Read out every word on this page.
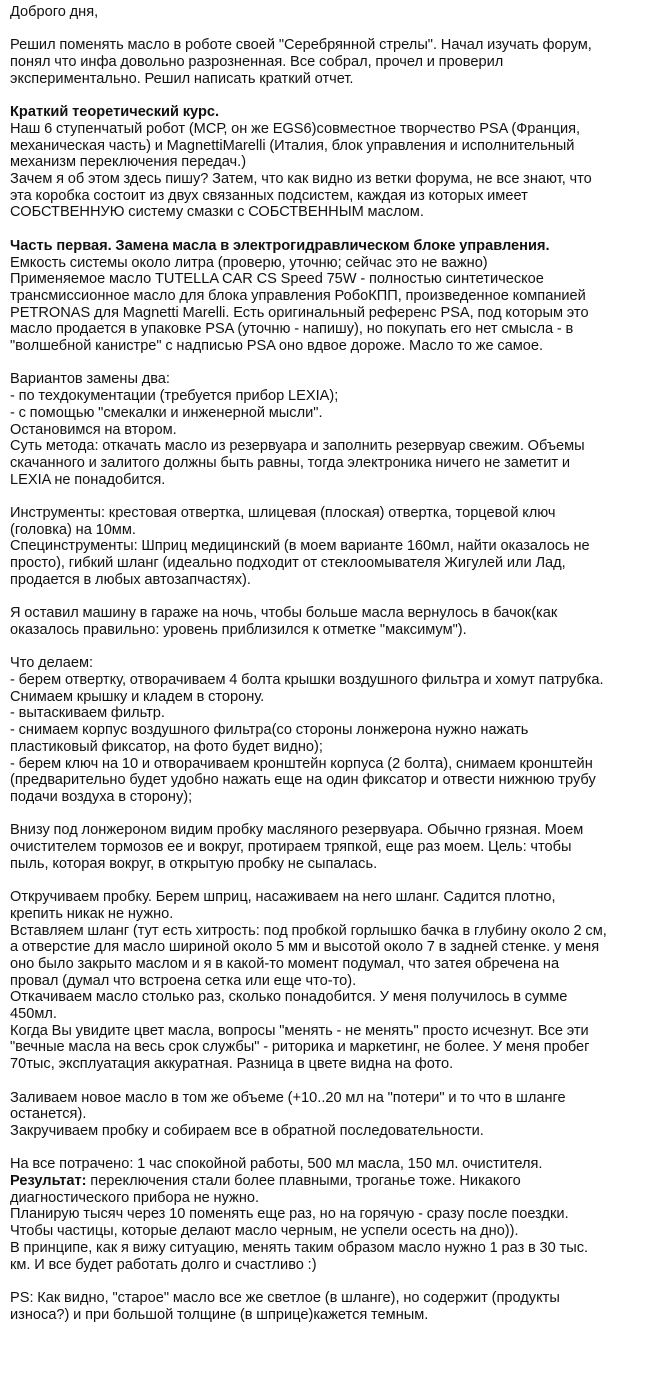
Доброго дня,
Решил поменять масло в роботе своей "Серебрянной стрелы". Начал изучать форум,
понял что инфа довольно разрозненная. Все собрал, прочел и проверил
экспериментально. Решил написать краткий отчет.
Краткий теоретический курс.
Наш 6 ступенчатый робот (МСР, он же EGS6)совместное творчество PSA (Франция,
механическая часть) и MagnettiMarelli (Италия, блок управления и исполнительный
механизм переключения передач.)
Зачем я об этом здесь пишу? Затем, что как видно из ветки форума, не все знают, что
эта коробка состоит из двух связанных подсистем, каждая из которых имеет
СОБСТВЕННУЮ систему смазки с СОБСТВЕННЫМ маслом.
Часть первая. Замена масла в электрогидравлическом блоке управления.
Емкость системы около литра (проверю, уточню; сейчас это не важно)
Применяемое масло TUTELLA CAR CS Speed 75W - полностью синтетическое
трансмиссионное масло для блока управления РобоКПП, произведенное компанией
PETRONAS для Magnetti Marelli. Есть оригинальный референс PSA, под которым это
масло продается в упаковке PSA (уточню - напишу), но покупать его нет смысла - в
"волшебной канистре" с надписью PSA оно вдвое дороже. Масло то же самое.
Вариантов замены два:
- по техдокументации (требуется прибор LEXIA);
- с помощью "смекалки и инженерной мысли".
Остановимся на втором.
Суть метода: откачать масло из резервуара и заполнить резервуар свежим. Объемы
скачанного и залитого должны быть равны, тогда электроника ничего не заметит и
LEXIA не понадобится.
Инструменты: крестовая отвертка, шлицевая (плоская) отвертка, торцевой ключ
(головка) на 10мм.
Специнструменты: Шприц медицинский (в моем варианте 160мл, найти оказалось не
просто), гибкий шланг (идеально подходит от стеклоомывателя Жигулей или Лад,
продается в любых автозапчастях).
Я оставил машину в гараже на ночь, чтобы больше масла вернулось в бачок(как
оказалось правильно: уровень приблизился к отметке "максимум").
Что делаем:
- берем отвертку, отворачиваем 4 болта крышки воздушного фильтра и хомут патрубка.
Снимаем крышку и кладем в сторону.
- вытаскиваем фильтр.
- снимаем корпус воздушного фильтра(со стороны лонжерона нужно нажать
пластиковый фиксатор, на фото будет видно);
- берем ключ на 10 и отворачиваем кронштейн корпуса (2 болта), снимаем кронштейн
(предварительно будет удобно нажать еще на один фиксатор и отвести нижнюю трубу
подачи воздуха в сторону);
Внизу под лонжероном видим пробку масляного резервуара. Обычно грязная. Моем
очистителем тормозов ее и вокруг, протираем тряпкой, еще раз моем. Цель: чтобы
пыль, которая вокруг, в открытую пробку не сыпалась.
Откручиваем пробку. Берем шприц, насаживаем на него шланг. Садится плотно,
крепить никак не нужно.
Вставляем шланг (тут есть хитрость: под пробкой горлышко бачка в глубину около 2 см,
а отверстие для масло шириной около 5 мм и высотой около 7 в задней стенке. у меня
оно было закрыто маслом и я в какой-то момент подумал, что затея обречена на
провал (думал что встроена сетка или еще что-то).
Откачиваем масло столько раз, сколько понадобится. У меня получилось в сумме
450мл.
Когда Вы увидите цвет масла, вопросы "менять - не менять" просто исчезнут. Все эти
"вечные масла на весь срок службы" - риторика и маркетинг, не более. У меня пробег
70тыс, эксплуатация аккуратная. Разница в цвете видна на фото.
Заливаем новое масло в том же объеме (+10..20 мл на "потери" и то что в шланге
останется).
Закручиваем пробку и собираем все в обратной последовательности.
На все потрачено: 1 час спокойной работы, 500 мл масла, 150 мл. очистителя.
Результат: переключения стали более плавными, троганье тоже. Никакого
диагностического прибора не нужно.
Планирую тысяч через 10 поменять еще раз, но на горячую - сразу после поездки.
Чтобы частицы, которые делают масло черным, не успели осесть на дно)).
В принципе, как я вижу ситуацию, менять таким образом масло нужно 1 раз в 30 тыс.
км. И все будет работать долго и счастливо :)
PS: Как видно, "старое" масло все же светлое (в шланге), но содержит (продукты
износа?) и при большой толщине (в шприце)кажется темным.
